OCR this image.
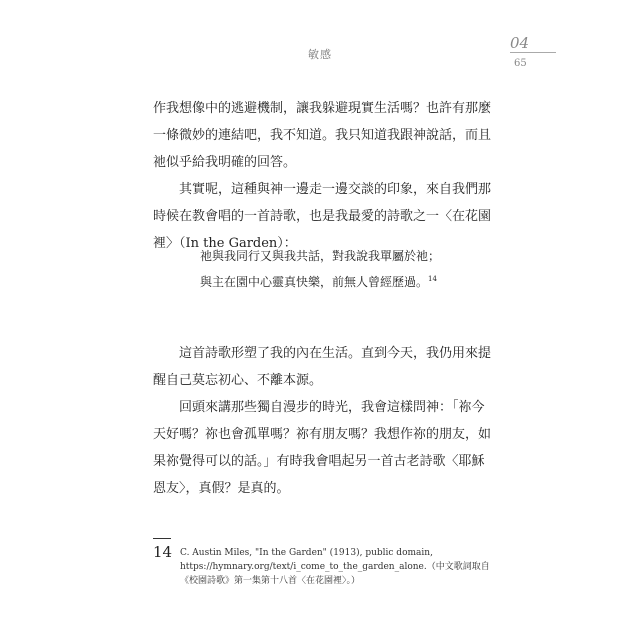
敏感
04
65

作我想像中的逃避機制，讓我躲避現實生活嗎？也許有那麼一條微妙的連結吧，我不知道。我只知道我跟神說話，而且祂似乎給我明確的回答。

其實呢，這種與神一邊走一邊交談的印象，來自我們那時候在教會唱的一首詩歌，也是我最愛的詩歌之一〈在花園裡〉（In the Garden）：

祂與我同行又與我共話，對我說我單屬於祂；

與主在園中心靈真快樂，前無人曾經歷過。$^{14}$

這首詩歌形塑了我的內在生活。直到今天，我仍用來提醒自己莫忘初心、不離本源。

回頭來講那些獨自漫步的時光，我會這樣問神：「祢今天好嗎？祢也會孤單嗎？祢有朋友嗎？我想作祢的朋友，如果祢覺得可以的話。」有時我會唱起另一首古老詩歌〈耶穌恩友〉，真假？是真的。

14 C. Austin Miles, "In the Garden" (1913), public domain, https://hymnary.org/text/i_come_to_the_garden_alone.（中文歌詞取自《校園詩歌》第一集第十八首〈在花園裡〉。）
